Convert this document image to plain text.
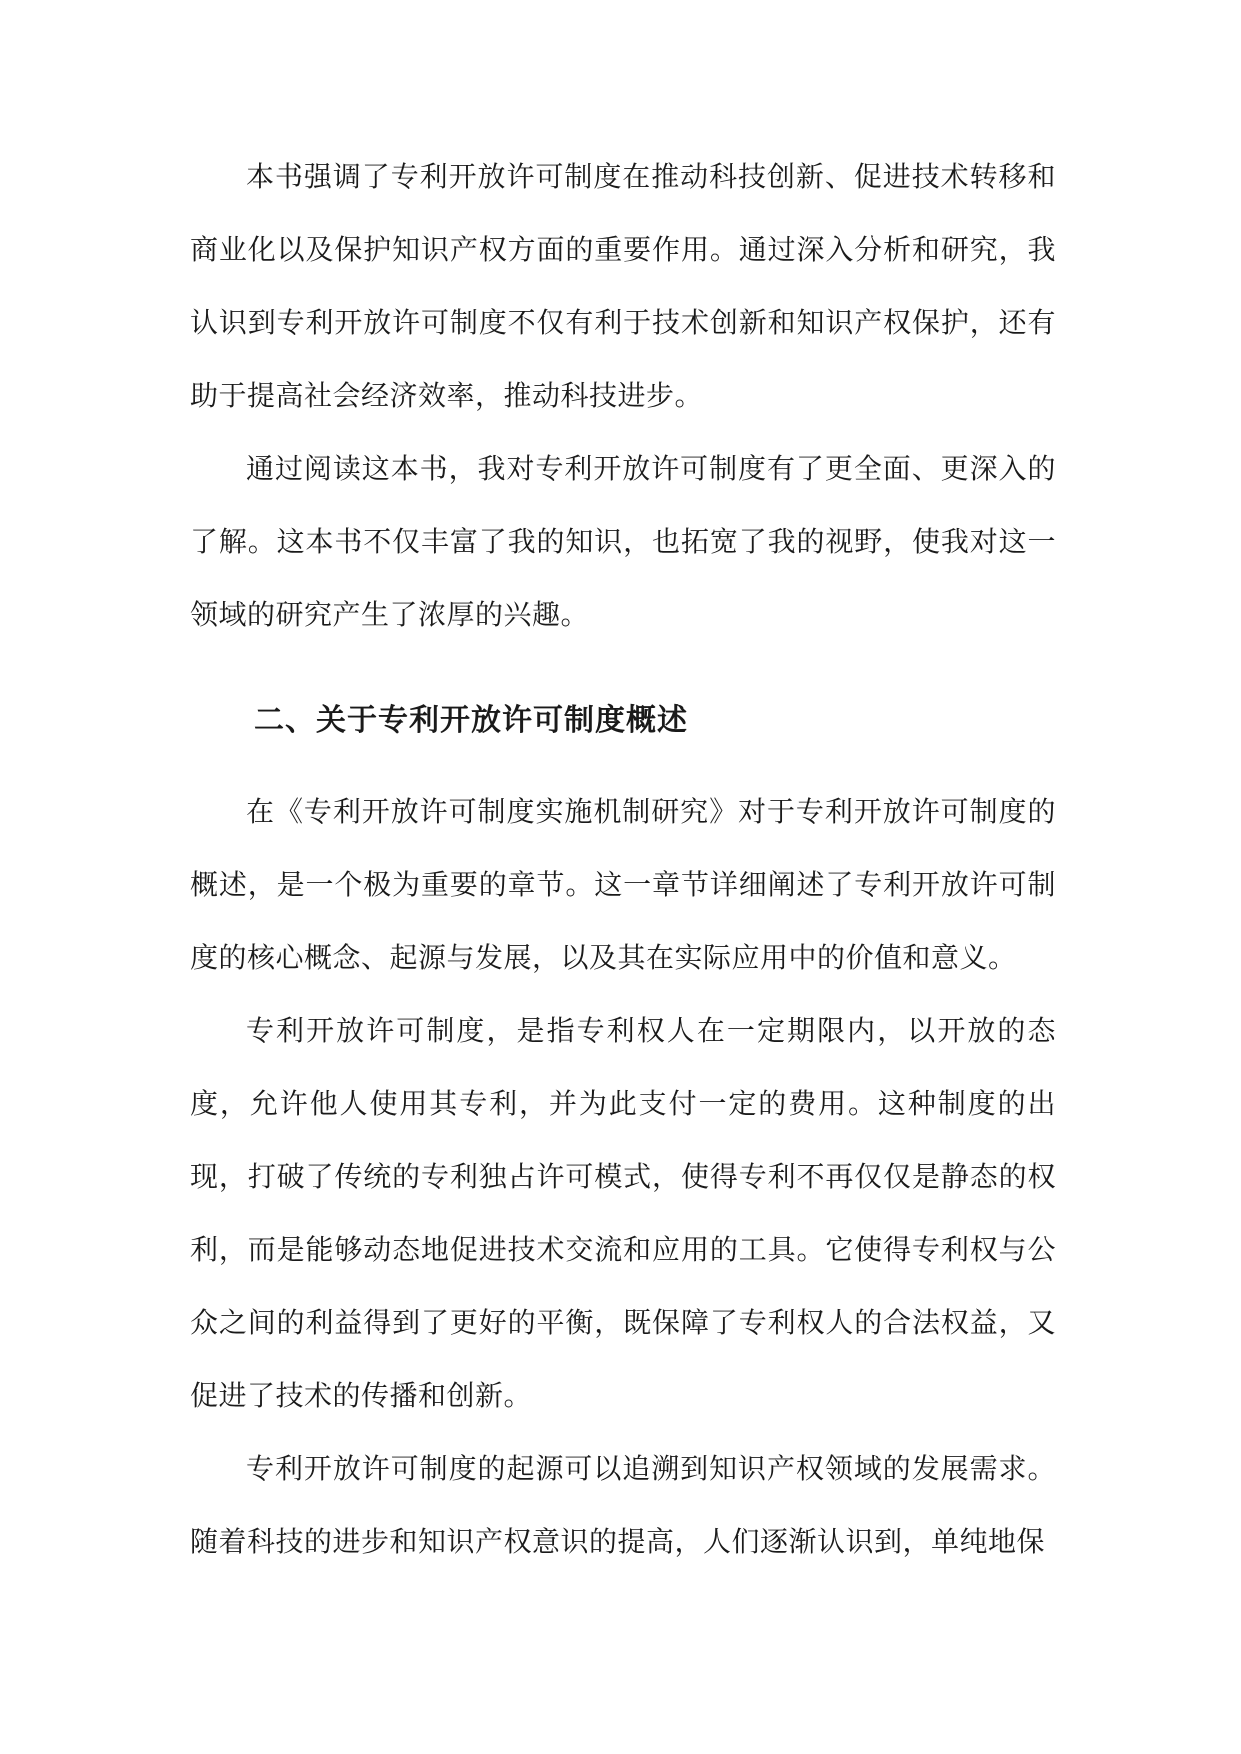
本书强调了专利开放许可制度在推动科技创新、促进技术转移和商业化以及保护知识产权方面的重要作用。通过深入分析和研究，我认识到专利开放许可制度不仅有利于技术创新和知识产权保护，还有助于提高社会经济效率，推动科技进步。

通过阅读这本书，我对专利开放许可制度有了更全面、更深入的了解。这本书不仅丰富了我的知识，也拓宽了我的视野，使我对这一领域的研究产生了浓厚的兴趣。

二、关于专利开放许可制度概述

在《专利开放许可制度实施机制研究》对于专利开放许可制度的概述，是一个极为重要的章节。这一章节详细阐述了专利开放许可制度的核心概念、起源与发展，以及其在实际应用中的价值和意义。

专利开放许可制度，是指专利权人在一定期限内，以开放的态度，允许他人使用其专利，并为此支付一定的费用。这种制度的出现，打破了传统的专利独占许可模式，使得专利不再仅仅是静态的权利，而是能够动态地促进技术交流和应用的工具。它使得专利权与公众之间的利益得到了更好的平衡，既保障了专利权人的合法权益，又促进了技术的传播和创新。

专利开放许可制度的起源可以追溯到知识产权领域的发展需求。随着科技的进步和知识产权意识的提高，人们逐渐认识到，单纯地保
